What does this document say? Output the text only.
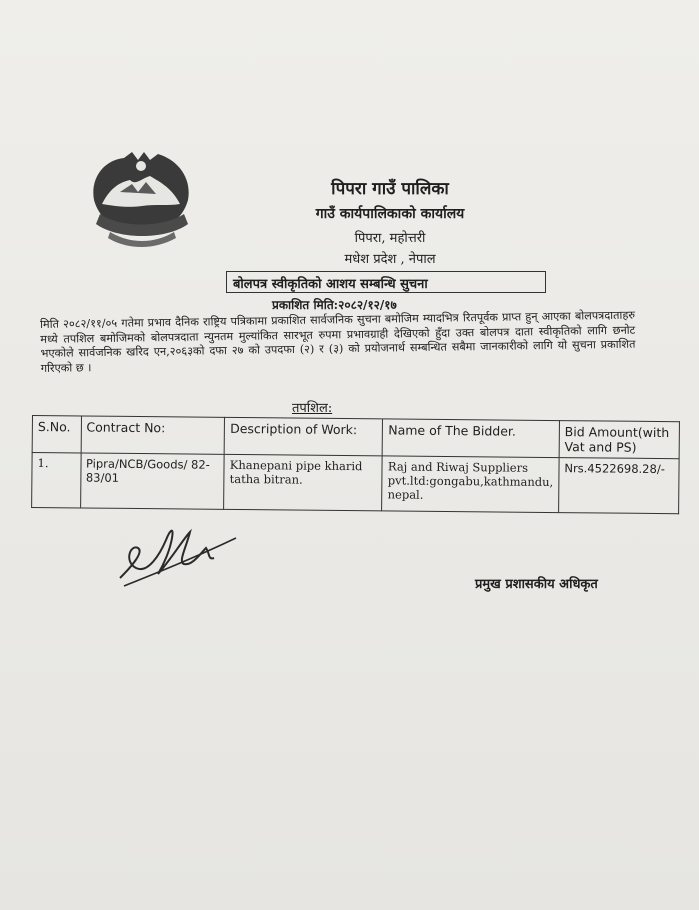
पिपरा गाउँ पालिका
गाउँ कार्यपालिकाको कार्यालय
पिपरा, महोत्तरी
मधेश प्रदेश , नेपाल
बोलपत्र स्वीकृतिको आशय सम्बन्धि सुचना
प्रकाशित मिति:२०८२/१२/१७
मिति २०८२/११/०५ गतेमा प्रभाव दैनिक राष्ट्रिय पत्रिकामा प्रकाशित सार्वजनिक सुचना बमोजिम म्यादभित्र रितपूर्वक प्राप्त हुन् आएका बोलपत्रदाताहरु मध्ये तपशिल बमोजिमको बोलपत्रदाता न्युनतम मुल्यांकित सारभूत रुपमा प्रभावग्राही देखिएको हुँदा उक्त बोलपत्र दाता स्वीकृतिको लागि छनोट भएकोले सार्वजनिक खरिद एन,२०६३को दफा २७ को उपदफा (२) र (३) को प्रयोजनार्थ सम्बन्धित सबैमा जानकारीको लागि यो सुचना प्रकाशित गरिएको छ ।
तपशिल:
S.No.	Contract No:	Description of Work:	Name of The Bidder.	Bid Amount(with Vat and PS)
1.	Pipra/NCB/Goods/ 82-83/01	Khanepani pipe kharid tatha bitran.	Raj and Riwaj Suppliers pvt.ltd:gongabu,kathmandu, nepal.	Nrs.4522698.28/-
प्रमुख प्रशासकीय अधिकृत
